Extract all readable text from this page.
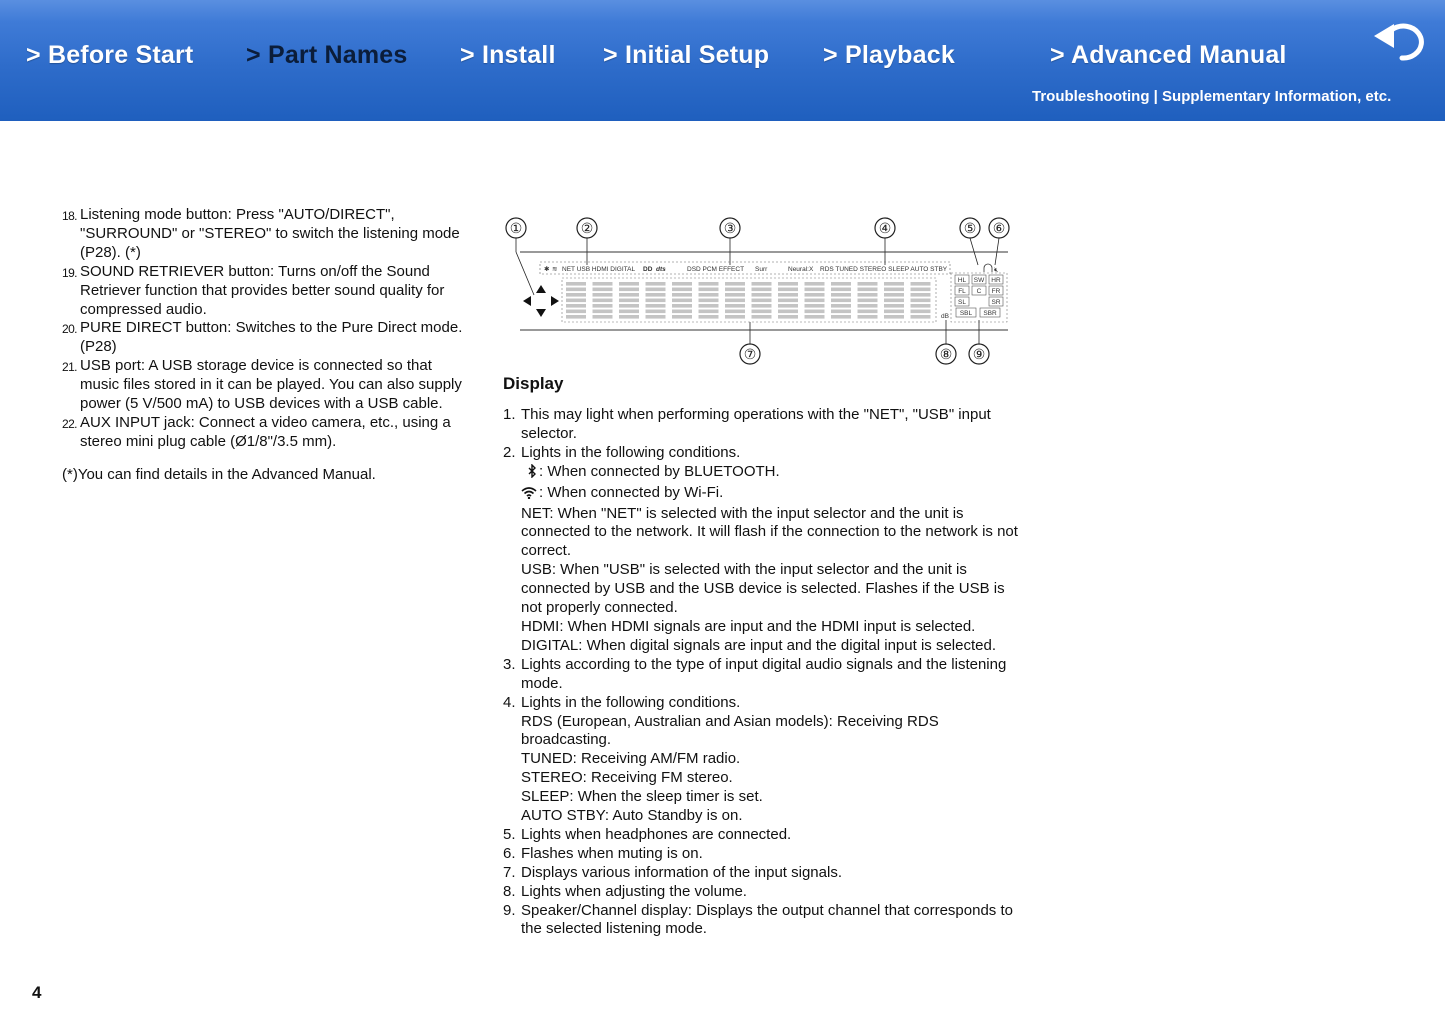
> Before Start > Part Names > Install > Initial Setup > Playback	> Advanced Manual
Troubleshooting | Supplementary Information, etc.
18. Listening mode button: Press "AUTO/DIRECT", "SURROUND" or "STEREO" to switch the listening mode (P28). (*)
19. SOUND RETRIEVER button: Turns on/off the Sound Retriever function that provides better sound quality for compressed audio.
20. PURE DIRECT button: Switches to the Pure Direct mode. (P28)
21. USB port: A USB storage device is connected so that music files stored in it can be played. You can also supply power (5 V/500 mA) to USB devices with a USB cable.
22. AUX INPUT jack: Connect a video camera, etc., using a stereo mini plug cable (Ø1/8"/3.5 mm).
(*)You can find details in the Advanced Manual.
①	②	③	④	⑤ ⑥
⑦	⑧ ⑨
✱ ≋ NET USB HDMI DIGITAL DD dts	DSD PCM EFFECT Surr	Neural:X RDS TUNED STEREO SLEEP AUTO STBY	🔇︎
dB
HL SW HR
FL C FR
SL	SR
SBL SBR
Display
1. This may light when performing operations with the "NET", "USB" input selector.
2. Lights in the following conditions.
: When connected by BLUETOOTH.
: When connected by Wi-Fi.
NET: When "NET" is selected with the input selector and the unit is connected to the network. It will flash if the connection to the network is not correct.
USB: When "USB" is selected with the input selector and the unit is connected by USB and the USB device is selected. Flashes if the USB is not properly connected.
HDMI: When HDMI signals are input and the HDMI input is selected.
DIGITAL: When digital signals are input and the digital input is selected.
3. Lights according to the type of input digital audio signals and the listening mode.
4. Lights in the following conditions.
RDS (European, Australian and Asian models): Receiving RDS broadcasting.
TUNED: Receiving AM/FM radio.
STEREO: Receiving FM stereo.
SLEEP: When the sleep timer is set.
AUTO STBY: Auto Standby is on.
5. Lights when headphones are connected.
6. Flashes when muting is on.
7. Displays various information of the input signals.
8. Lights when adjusting the volume.
9. Speaker/Channel display: Displays the output channel that corresponds to the selected listening mode.
4
